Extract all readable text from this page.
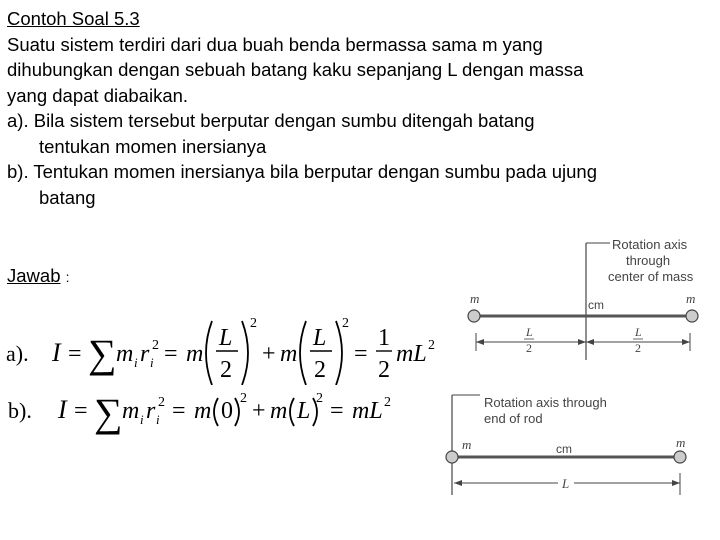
Contoh Soal 5.3
Suatu sistem terdiri dari dua buah benda bermassa sama m yang
dihubungkan dengan sebuah batang kaku sepanjang L dengan massa
yang dapat diabaikan.
a). Bila sistem tersebut berputar dengan sumbu ditengah batang
tentukan momen inersianya
b). Tentukan momen inersianya bila berputar dengan sumbu pada ujung
batang
Jawab :
a). I = ∑ m i r i
2 = m
L
2
2
+ m
L
2
2
=
1
2
mL 2
b). I = ∑ m i r i
2 = m 0 2 + m L 2 = mL 2
Rotation axis
through
center of mass
m	m
cm
L
2
L
2
Rotation axis through
end of rod
m	m
cm
L
